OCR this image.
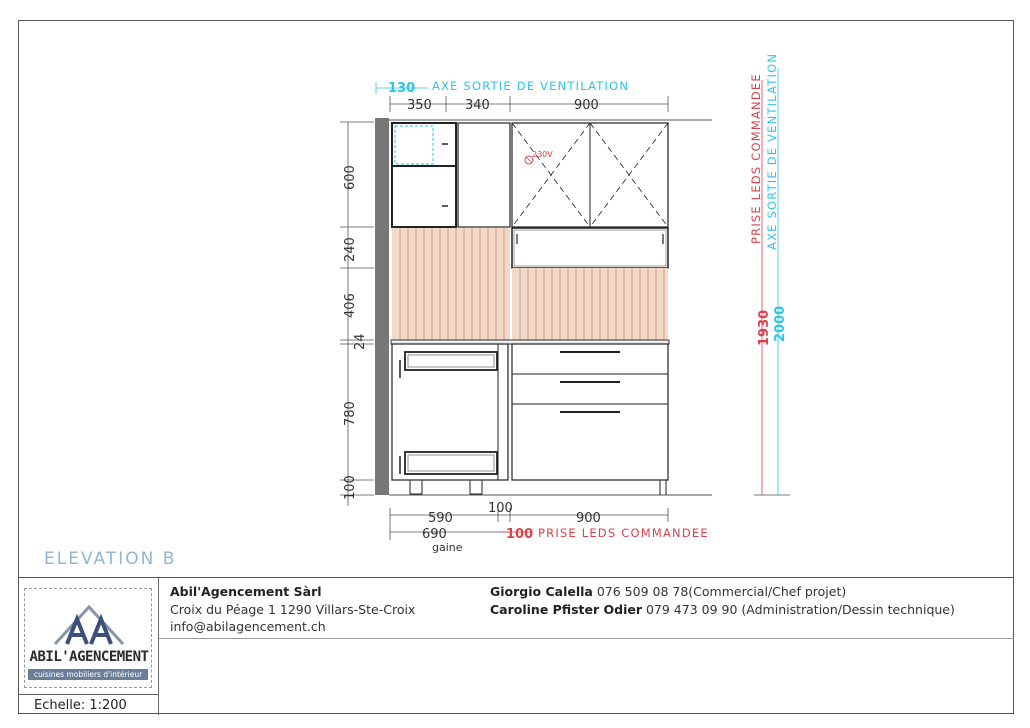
230V
350	340	900
130 AXE SORTIE DE VENTILATION
600
240
406
24
780
100
PRISE LEDS COMMANDEE AXE SORTIE DE VENTILATION
1930 2000
590
100
900
690	100 PRISE LEDS COMMANDEE
gaine
ELEVATION B
ABIL'AGENCEMENT
cuisines mobiliers d'intérieur
Echelle: 1:200
Abil'Agencement Sàrl
Croix du Péage 1 1290 Villars-Ste-Croix
info@abilagencement.ch
Giorgio Calella 076 509 08 78(Commercial/Chef projet)
Caroline Pfister Odier 079 473 09 90 (Administration/Dessin technique)
